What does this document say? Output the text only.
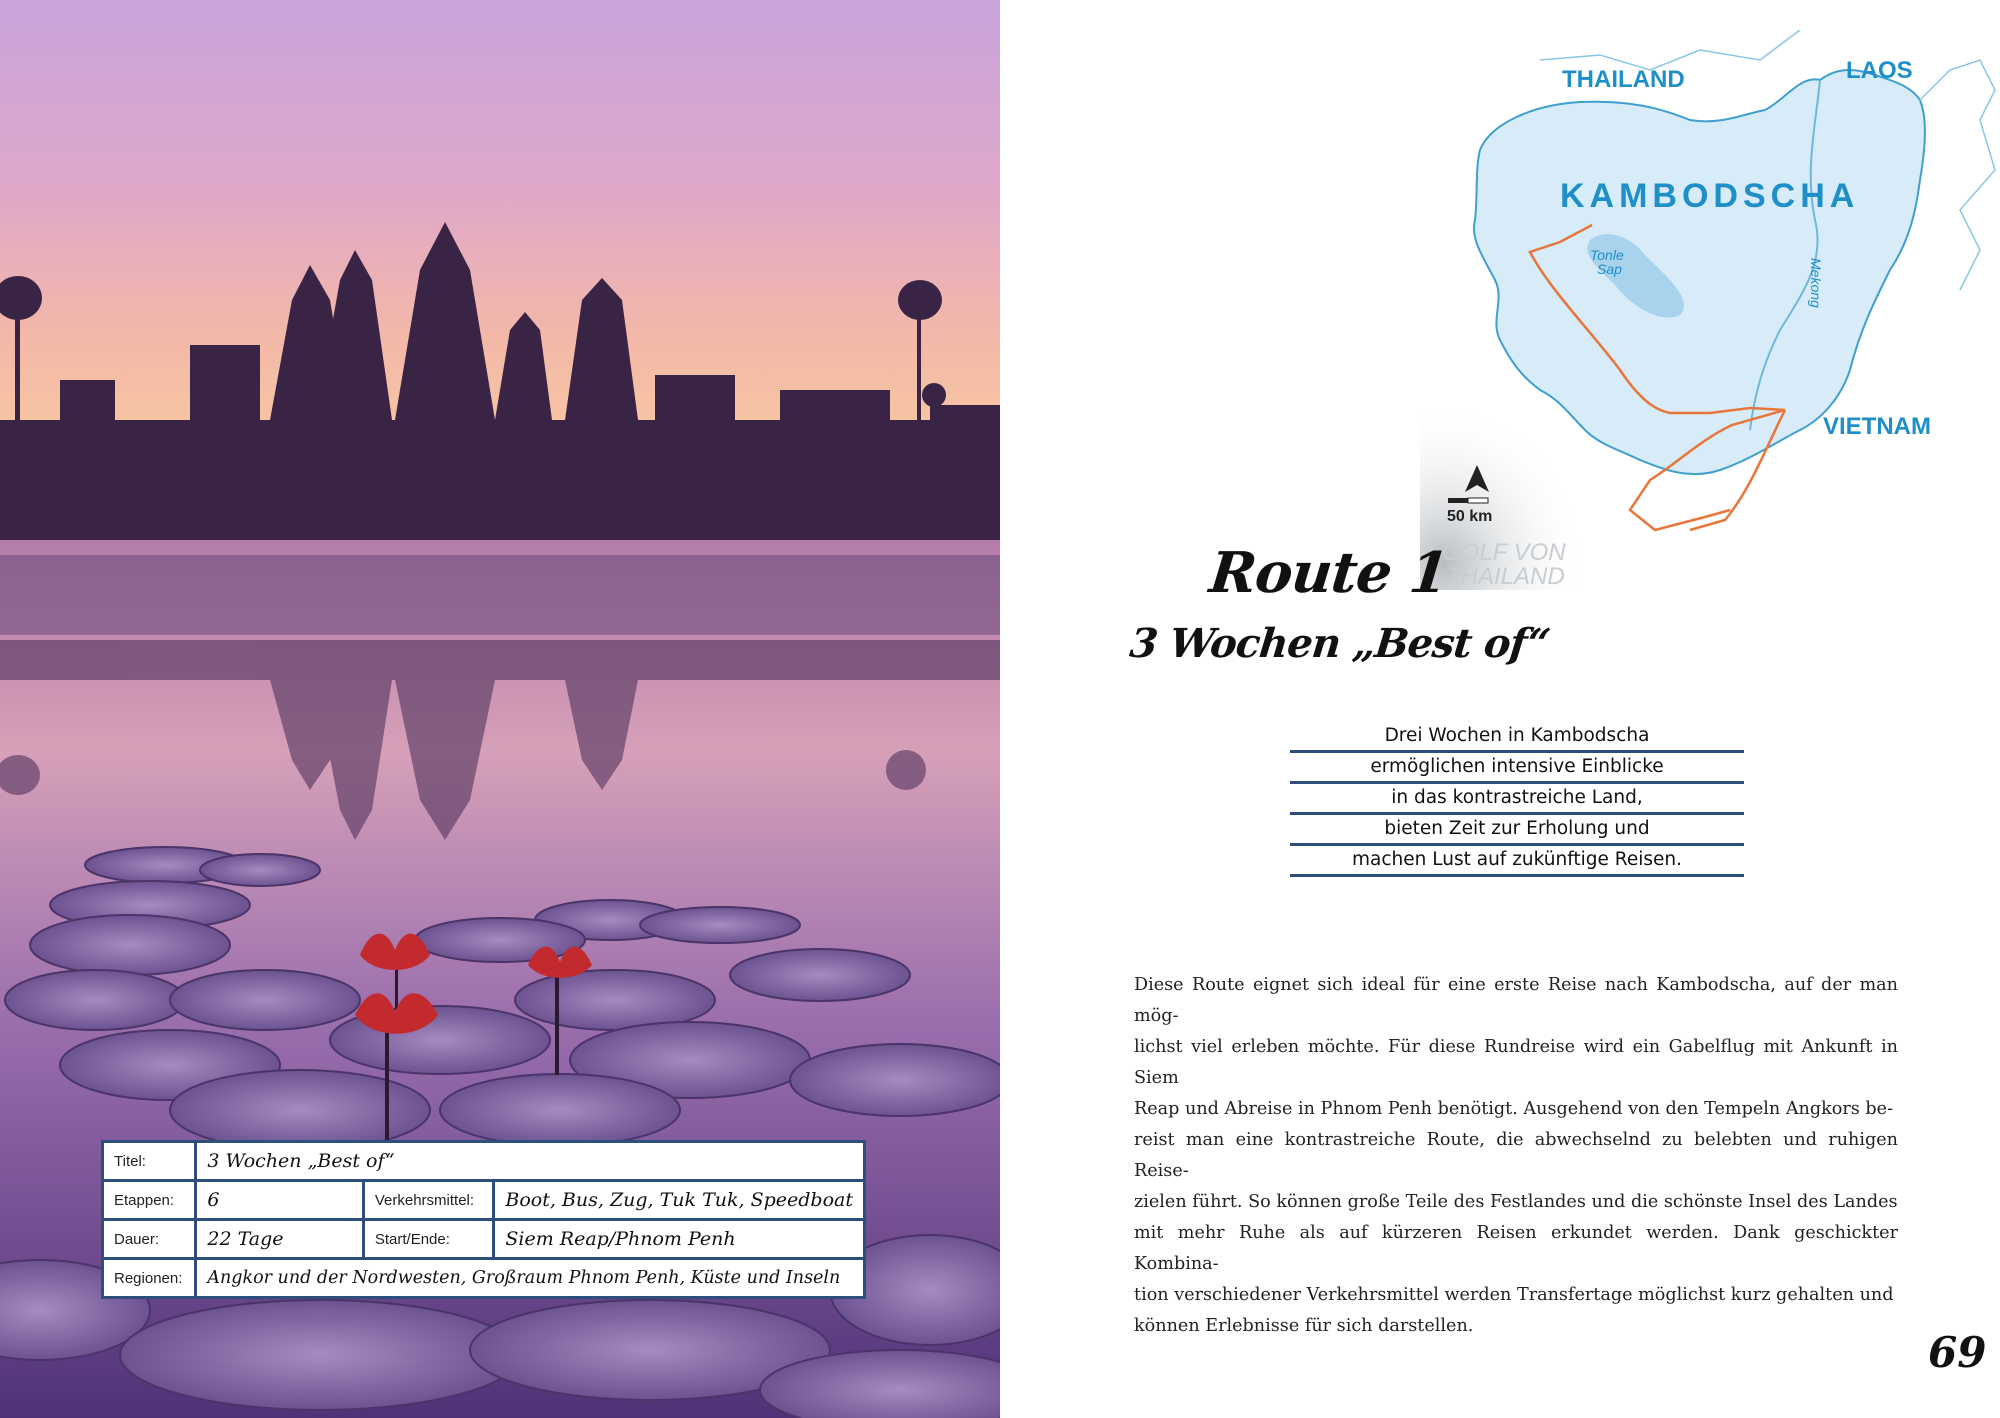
Titel:	3 Wochen „Best of“		
Etappen:	6	Verkehrsmittel:	Boot, Bus, Zug, Tuk Tuk, Speedboat
Dauer:	22 Tage	Start/Ende:	Siem Reap/Phnom Penh
Regionen:	Angkor und der Nordwesten, Großraum Phnom Penh, Küste und Inseln		
THAILAND	LAOS
KAMBODSCHA
VIETNAM
Tonle
Sap	Mekong
GOLF VON
THAILAND
50 km
Route 1
3 Wochen „Best of“
Drei Wochen in Kambodscha
ermöglichen intensive Einblicke
in das kontrastreiche Land,
bieten Zeit zur Erholung und
machen Lust auf zukünftige Reisen.
Diese Route eignet sich ideal für eine erste Reise nach Kambodscha, auf der man mög-
lichst viel erleben möchte. Für diese Rundreise wird ein Gabelflug mit Ankunft in Siem
Reap und Abreise in Phnom Penh benötigt. Ausgehend von den Tempeln Angkors be-
reist man eine kontrastreiche Route, die abwechselnd zu belebten und ruhigen Reise-
zielen führt. So können große Teile des Festlandes und die schönste Insel des Landes
mit mehr Ruhe als auf kürzeren Reisen erkundet werden. Dank geschickter Kombina-
tion verschiedener Verkehrsmittel werden Transfertage möglichst kurz gehalten und
können Erlebnisse für sich darstellen.
69
